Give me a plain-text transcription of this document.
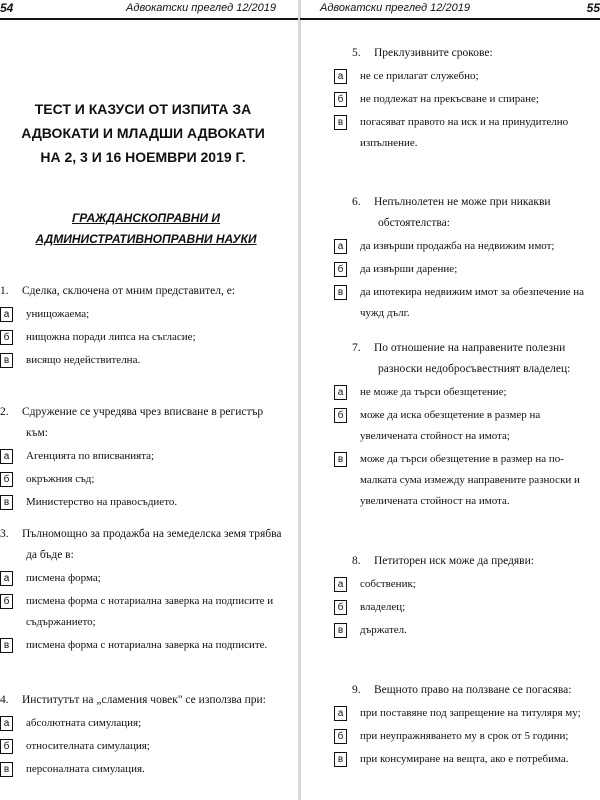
54	Адвокатски преглед 12/2019
ТЕСТ И КАЗУСИ ОТ ИЗПИТА ЗА АДВОКАТИ И МЛАДШИ АДВОКАТИ НА 2, 3 И 16 НОЕМВРИ 2019 Г.
ГРАЖДАНСКОПРАВНИ И АДМИНИСТРАТИВНОПРАВНИ НАУКИ
1. Сделка, сключена от мним представител, е:
а	унищожаема;
б	нищожна поради липса на съгласие;
в	висящо недействителна.
2. Сдружение се учредява чрез вписване в регистър към:
а	Агенцията по вписванията;
б	окръжния съд;
в	Министерство на правосъдието.
3. Пълномощно за продажба на земеделска земя трябва да бъде в:
а	писмена форма;
б	писмена форма с нотариална заверка на подписите и съдържанието;
в	писмена форма с нотариална заверка на подписите.
4. Институтът на „сламения човек" се използва при:
а	абсолютната симулация;
б	относителната симулация;
в	персоналната симулация.
Адвокатски преглед 12/2019	55
5. Преклузивните срокове:
а	не се прилагат служебно;
б	не подлежат на прекъсване и спиране;
в	погасяват правото на иск и на принудително изпълнение.
6. Непълнолетен не може при никакви обстоятелства:
а	да извърши продажба на недвижим имот;
б	да извърши дарение;
в	да ипотекира недвижим имот за обезпечение на чужд дълг.
7. По отношение на направените полезни разноски недобросъвестният владелец:
а	не може да търси обезщетение;
б	може да иска обезщетение в размер на увеличената стойност на имота;
в	може да търси обезщетение в размер на по-малката сума измежду направените разноски и увеличената стойност на имота.
8. Петиторен иск може да предяви:
а	собственик;
б	владелец;
в	държател.
9. Вещното право на ползване се погасява:
а	при поставяне под запрещение на титуляря му;
б	при неупражняването му в срок от 5 години;
в	при консумиране на вещта, ако е потребима.
